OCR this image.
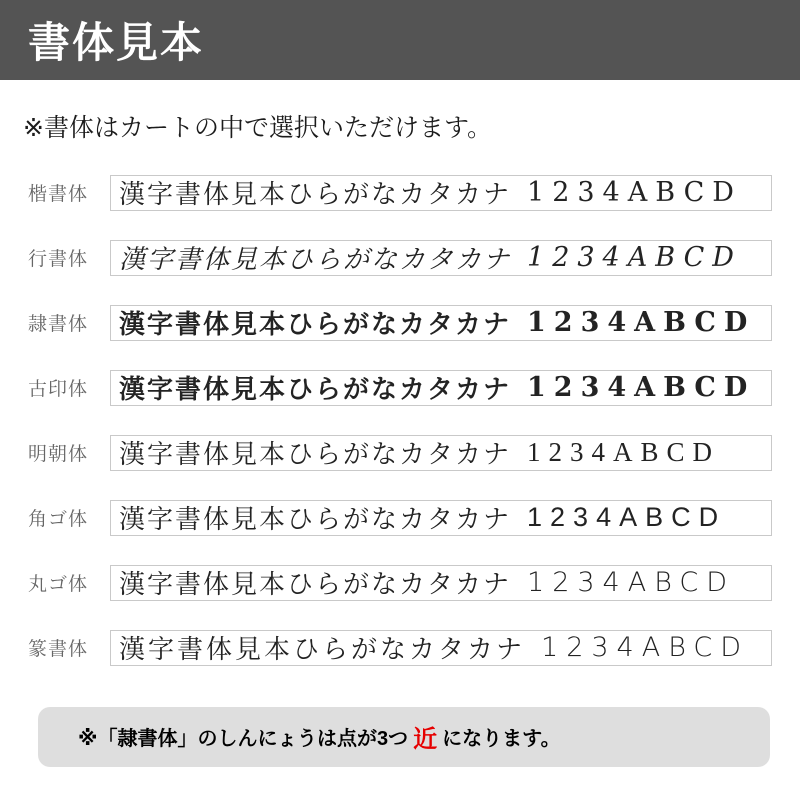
書体見本

※書体はカートの中で選択いただけます。

楷書体	漢字書体見本ひらがなカタカナ 1234ABCD
行書体	漢字書体見本ひらがなカタカナ 1234ABCD
隷書体	漢字書体見本ひらがなカタカナ 1234ABCD
古印体	漢字書体見本ひらがなカタカナ 1234ABCD
明朝体	漢字書体見本ひらがなカタカナ 1234ABCD
角ゴ体	漢字書体見本ひらがなカタカナ 1234ABCD
丸ゴ体	漢字書体見本ひらがなカタカナ 1234ABCD
篆書体	漢字書体見本ひらがなカタカナ 1234ABCD
※「隷書体」のしんにょうは点が3つ 近 になります。
